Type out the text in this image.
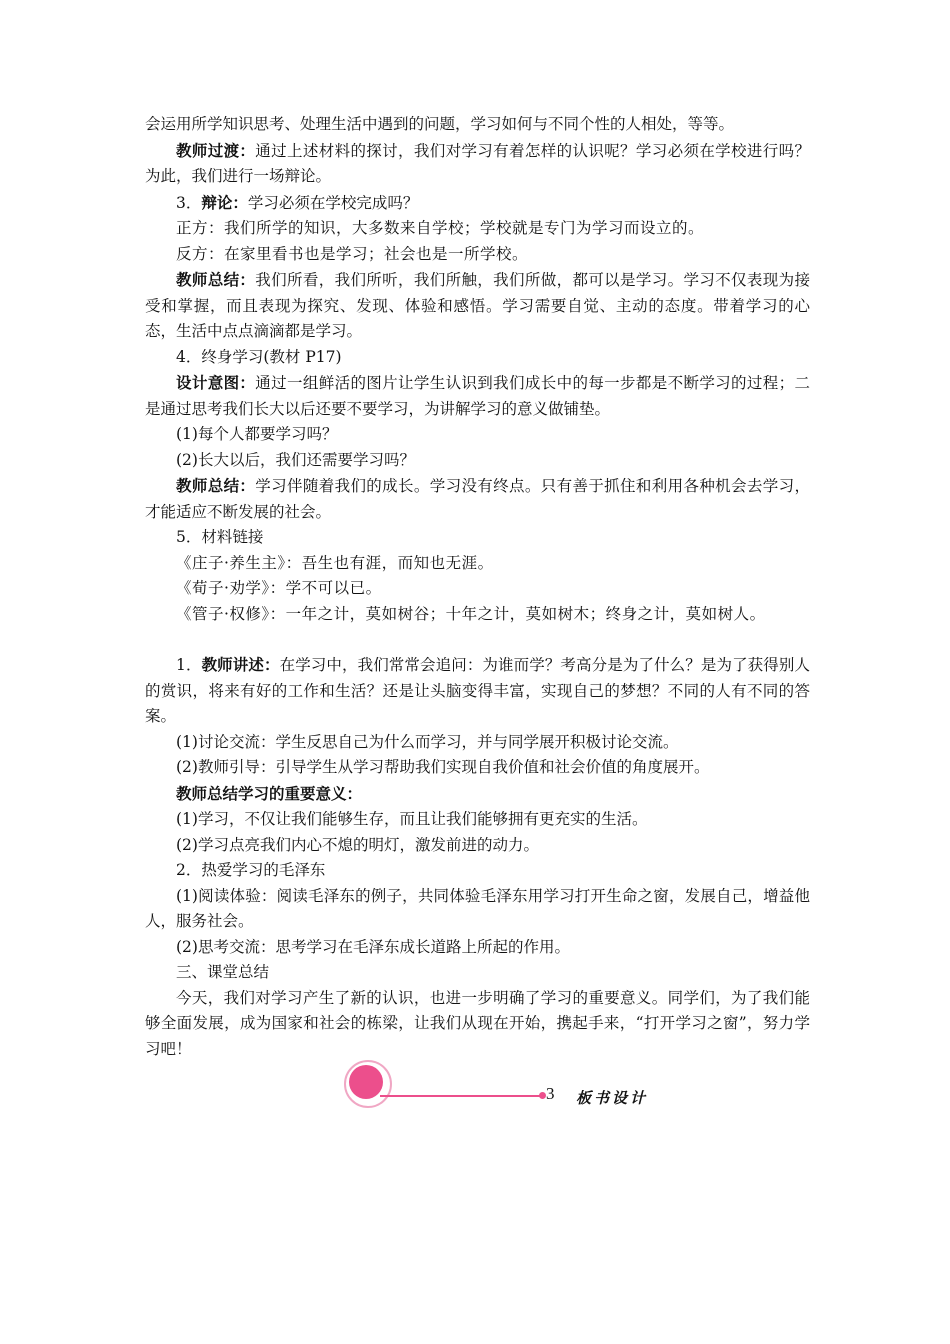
会运用所学知识思考、处理生活中遇到的问题，学习如何与不同个性的人相处，等等。

教师过渡：通过上述材料的探讨，我们对学习有着怎样的认识呢？学习必须在学校进行吗？为此，我们进行一场辩论。

3．辩论：学习必须在学校完成吗？

正方：我们所学的知识，大多数来自学校；学校就是专门为学习而设立的。

反方：在家里看书也是学习；社会也是一所学校。

教师总结：我们所看，我们所听，我们所触，我们所做，都可以是学习。学习不仅表现为接受和掌握，而且表现为探究、发现、体验和感悟。学习需要自觉、主动的态度。带着学习的心态，生活中点点滴滴都是学习。

4．终身学习(教材 P17)

设计意图：通过一组鲜活的图片让学生认识到我们成长中的每一步都是不断学习的过程；二是通过思考我们长大以后还要不要学习，为讲解学习的意义做铺垫。

(1)每个人都要学习吗？

(2)长大以后，我们还需要学习吗？

教师总结：学习伴随着我们的成长。学习没有终点。只有善于抓住和利用各种机会去学习，才能适应不断发展的社会。

5．材料链接

《庄子·养生主》：吾生也有涯，而知也无涯。

《荀子·劝学》：学不可以已。

《管子·权修》：一年之计，莫如树谷；十年之计，莫如树木；终身之计，莫如树人。

1．教师讲述：在学习中，我们常常会追问：为谁而学？考高分是为了什么？是为了获得别人的赏识，将来有好的工作和生活？还是让头脑变得丰富，实现自己的梦想？不同的人有不同的答案。

(1)讨论交流：学生反思自己为什么而学习，并与同学展开积极讨论交流。

(2)教师引导：引导学生从学习帮助我们实现自我价值和社会价值的角度展开。

教师总结学习的重要意义：

(1)学习，不仅让我们能够生存，而且让我们能够拥有更充实的生活。

(2)学习点亮我们内心不熄的明灯，激发前进的动力。

2．热爱学习的毛泽东

(1)阅读体验：阅读毛泽东的例子，共同体验毛泽东用学习打开生命之窗，发展自己，增益他人，服务社会。

(2)思考交流：思考学习在毛泽东成长道路上所起的作用。

三、课堂总结

今天，我们对学习产生了新的认识，也进一步明确了学习的重要意义。同学们，为了我们能够全面发展，成为国家和社会的栋梁，让我们从现在开始，携起手来，“打开学习之窗”，努力学习吧！

3 板书设计
